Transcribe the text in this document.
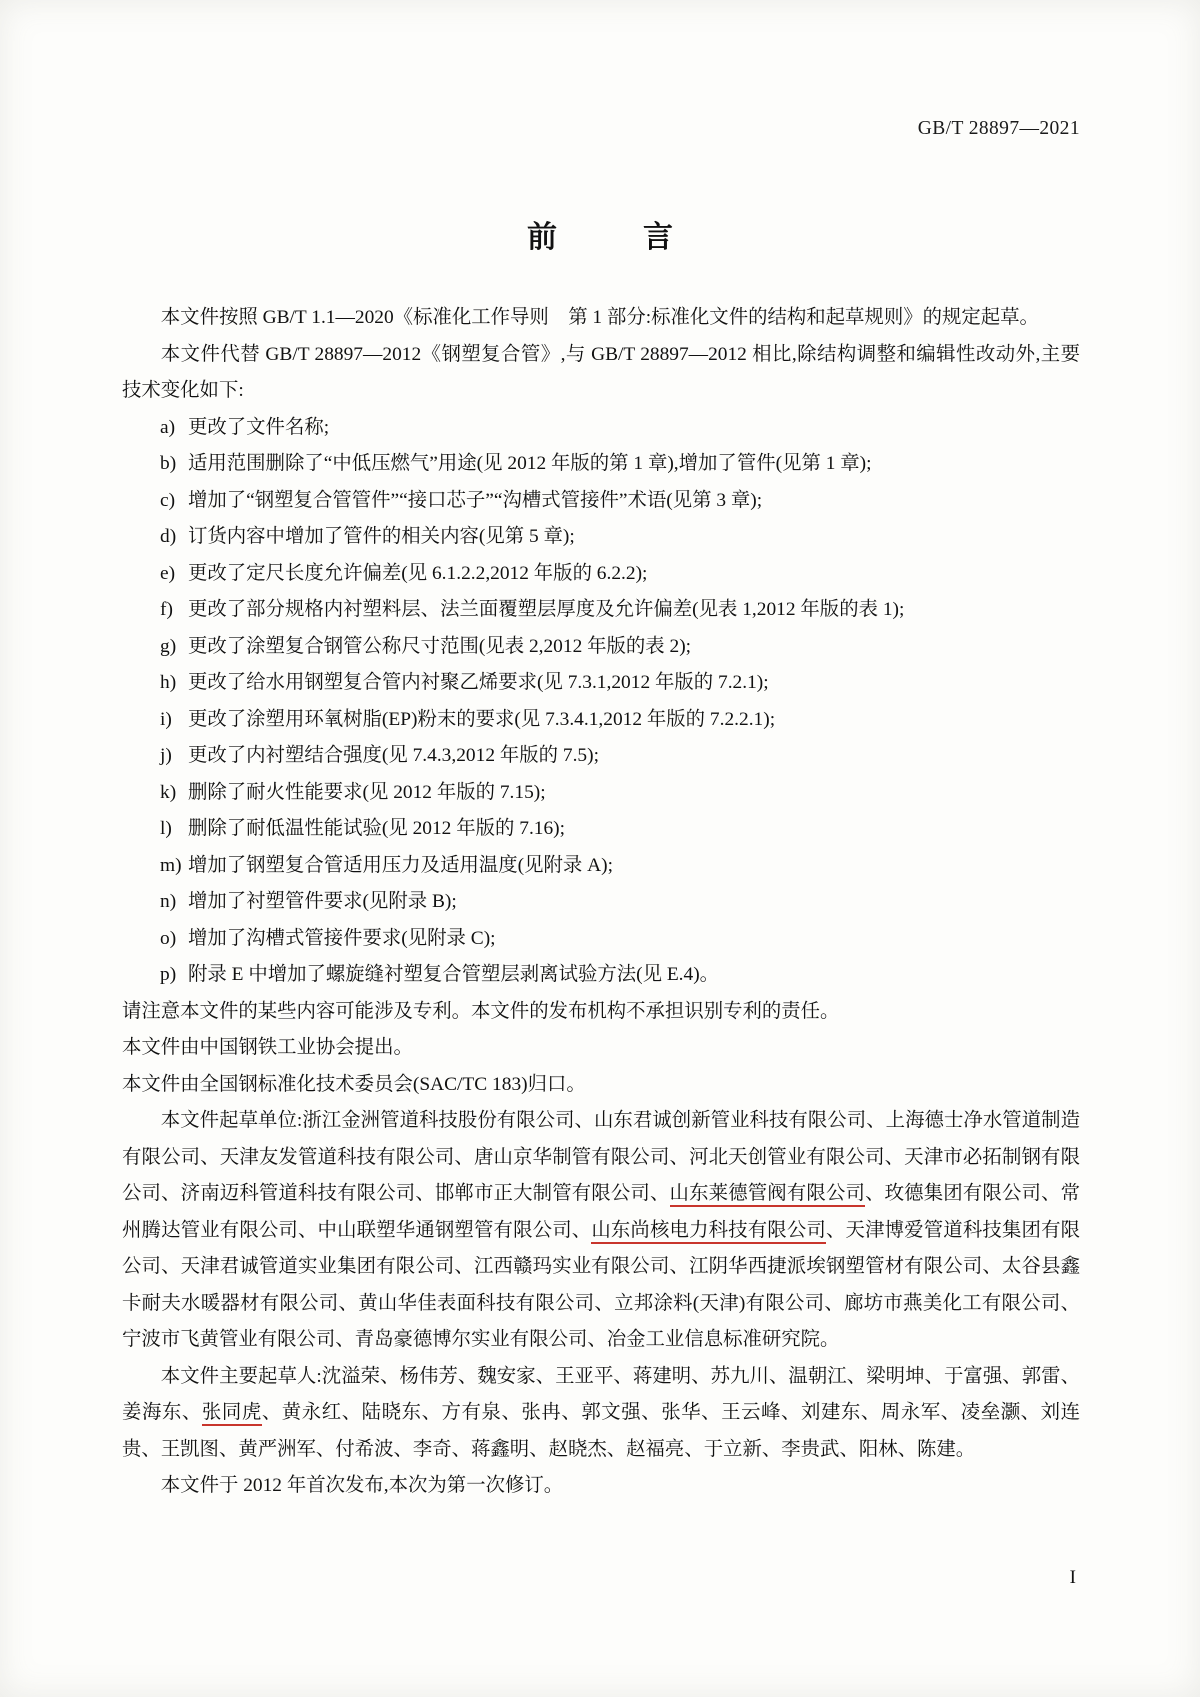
GB/T 28897—2021
前　言

本文件按照 GB/T 1.1—2020《标准化工作导则　第 1 部分:标准化文件的结构和起草规则》的规定起草。

本文件代替 GB/T 28897—2012《钢塑复合管》,与 GB/T 28897—2012 相比,除结构调整和编辑性改动外,主要技术变化如下:

a) 更改了文件名称;
b) 适用范围删除了“中低压燃气”用途(见 2012 年版的第 1 章),增加了管件(见第 1 章);
c) 增加了“钢塑复合管管件”“接口芯子”“沟槽式管接件”术语(见第 3 章);
d) 订货内容中增加了管件的相关内容(见第 5 章);
e) 更改了定尺长度允许偏差(见 6.1.2.2,2012 年版的 6.2.2);
f) 更改了部分规格内衬塑料层、法兰面覆塑层厚度及允许偏差(见表 1,2012 年版的表 1);
g) 更改了涂塑复合钢管公称尺寸范围(见表 2,2012 年版的表 2);
h) 更改了给水用钢塑复合管内衬聚乙烯要求(见 7.3.1,2012 年版的 7.2.1);
i) 更改了涂塑用环氧树脂(EP)粉末的要求(见 7.3.4.1,2012 年版的 7.2.2.1);
j) 更改了内衬塑结合强度(见 7.4.3,2012 年版的 7.5);
k) 删除了耐火性能要求(见 2012 年版的 7.15);
l) 删除了耐低温性能试验(见 2012 年版的 7.16);
m) 增加了钢塑复合管适用压力及适用温度(见附录 A);
n) 增加了衬塑管件要求(见附录 B);
o) 增加了沟槽式管接件要求(见附录 C);
p) 附录 E 中增加了螺旋缝衬塑复合管塑层剥离试验方法(见 E.4)。

请注意本文件的某些内容可能涉及专利。本文件的发布机构不承担识别专利的责任。

本文件由中国钢铁工业协会提出。

本文件由全国钢标准化技术委员会(SAC/TC 183)归口。

本文件起草单位:浙江金洲管道科技股份有限公司、山东君诚创新管业科技有限公司、上海德士净水管道制造有限公司、天津友发管道科技有限公司、唐山京华制管有限公司、河北天创管业有限公司、天津市必拓制钢有限公司、济南迈科管道科技有限公司、邯郸市正大制管有限公司、山东莱德管阀有限公司、玫德集团有限公司、常州腾达管业有限公司、中山联塑华通钢塑管有限公司、山东尚核电力科技有限公司、天津博爱管道科技集团有限公司、天津君诚管道实业集团有限公司、江西赣玛实业有限公司、江阴华西捷派埃钢塑管材有限公司、太谷县鑫卡耐夫水暖器材有限公司、黄山华佳表面科技有限公司、立邦涂料(天津)有限公司、廊坊市燕美化工有限公司、宁波市飞黄管业有限公司、青岛豪德博尔实业有限公司、冶金工业信息标准研究院。

本文件主要起草人:沈溢荣、杨伟芳、魏安家、王亚平、蒋建明、苏九川、温朝江、梁明坤、于富强、郭雷、姜海东、张同虎、黄永红、陆晓东、方有泉、张冉、郭文强、张华、王云峰、刘建东、周永军、凌垒灏、刘连贵、王凯图、黄严洲军、付希波、李奇、蒋鑫明、赵晓杰、赵福亮、于立新、李贵武、阳林、陈建。

本文件于 2012 年首次发布,本次为第一次修订。

I
